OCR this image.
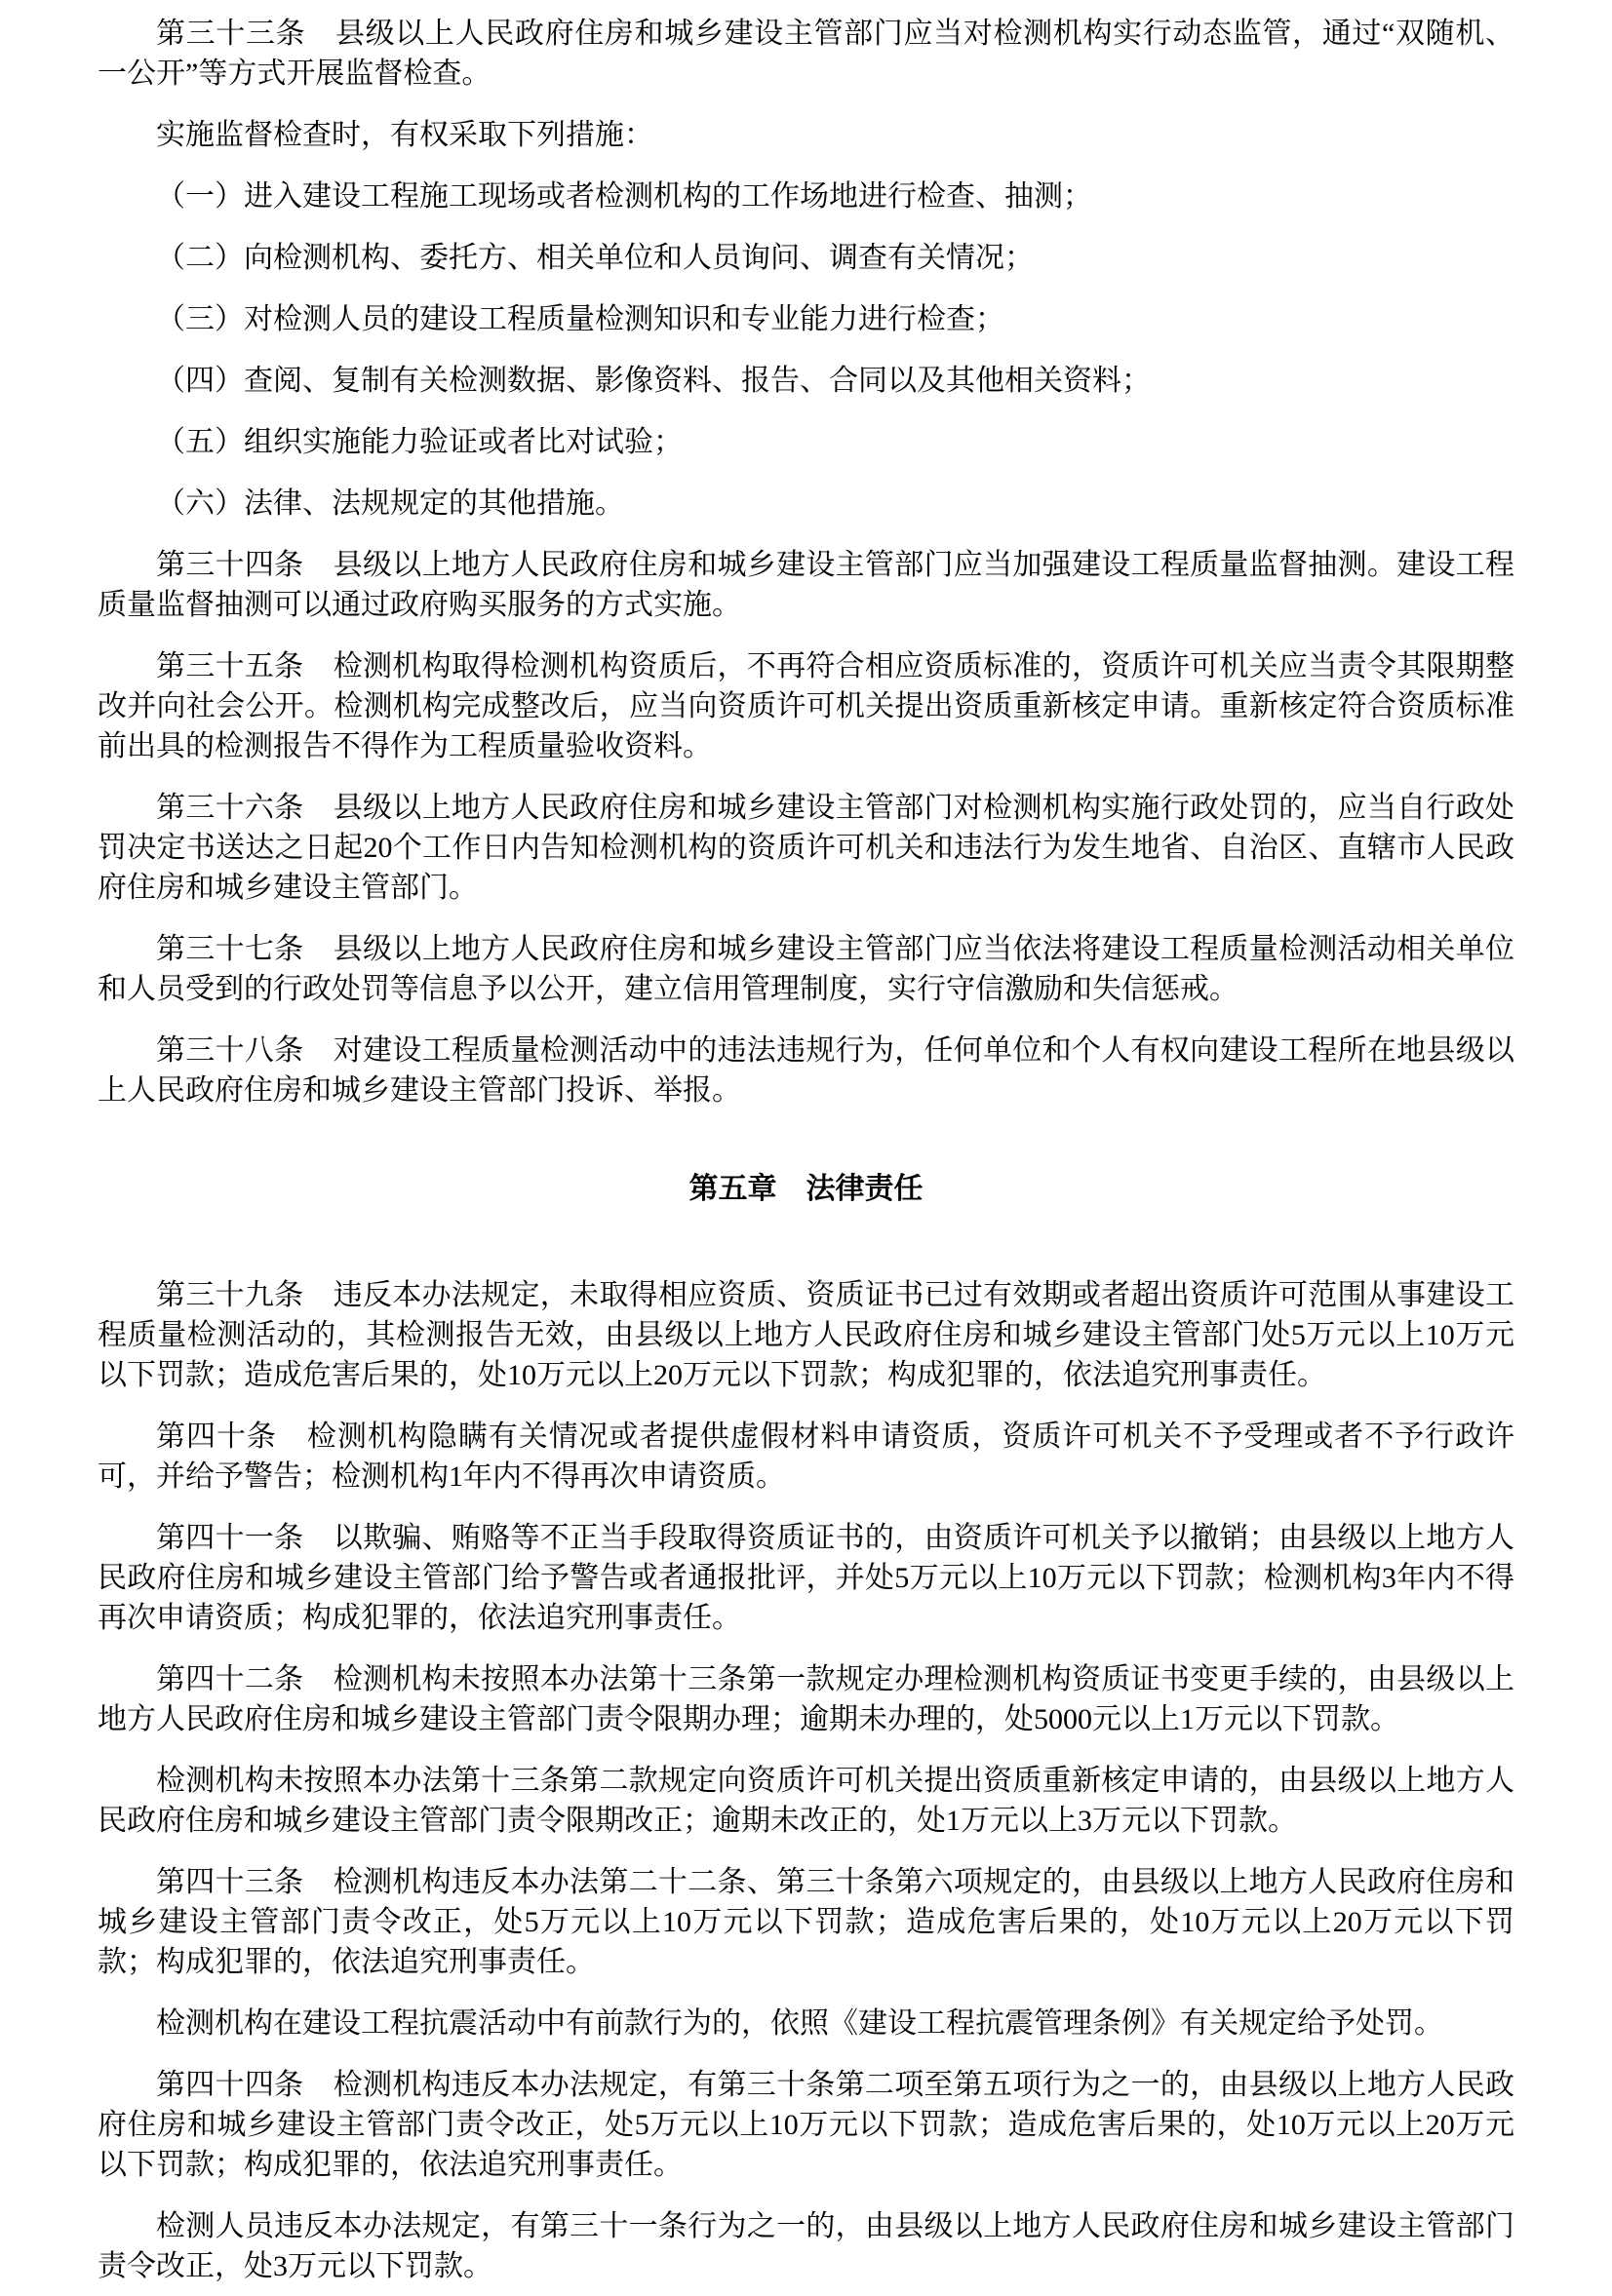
第三十三条　县级以上人民政府住房和城乡建设主管部门应当对检测机构实行动态监管，通过“双随机、一公开”等方式开展监督检查。

实施监督检查时，有权采取下列措施：

（一）进入建设工程施工现场或者检测机构的工作场地进行检查、抽测；

（二）向检测机构、委托方、相关单位和人员询问、调查有关情况；

（三）对检测人员的建设工程质量检测知识和专业能力进行检查；

（四）查阅、复制有关检测数据、影像资料、报告、合同以及其他相关资料；

（五）组织实施能力验证或者比对试验；

（六）法律、法规规定的其他措施。

第三十四条　县级以上地方人民政府住房和城乡建设主管部门应当加强建设工程质量监督抽测。建设工程质量监督抽测可以通过政府购买服务的方式实施。

第三十五条　检测机构取得检测机构资质后，不再符合相应资质标准的，资质许可机关应当责令其限期整改并向社会公开。检测机构完成整改后，应当向资质许可机关提出资质重新核定申请。重新核定符合资质标准前出具的检测报告不得作为工程质量验收资料。

第三十六条　县级以上地方人民政府住房和城乡建设主管部门对检测机构实施行政处罚的，应当自行政处罚决定书送达之日起20个工作日内告知检测机构的资质许可机关和违法行为发生地省、自治区、直辖市人民政府住房和城乡建设主管部门。

第三十七条　县级以上地方人民政府住房和城乡建设主管部门应当依法将建设工程质量检测活动相关单位和人员受到的行政处罚等信息予以公开，建立信用管理制度，实行守信激励和失信惩戒。

第三十八条　对建设工程质量检测活动中的违法违规行为，任何单位和个人有权向建设工程所在地县级以上人民政府住房和城乡建设主管部门投诉、举报。

第五章　法律责任

第三十九条　违反本办法规定，未取得相应资质、资质证书已过有效期或者超出资质许可范围从事建设工程质量检测活动的，其检测报告无效，由县级以上地方人民政府住房和城乡建设主管部门处5万元以上10万元以下罚款；造成危害后果的，处10万元以上20万元以下罚款；构成犯罪的，依法追究刑事责任。

第四十条　检测机构隐瞒有关情况或者提供虚假材料申请资质，资质许可机关不予受理或者不予行政许可，并给予警告；检测机构1年内不得再次申请资质。

第四十一条　以欺骗、贿赂等不正当手段取得资质证书的，由资质许可机关予以撤销；由县级以上地方人民政府住房和城乡建设主管部门给予警告或者通报批评，并处5万元以上10万元以下罚款；检测机构3年内不得再次申请资质；构成犯罪的，依法追究刑事责任。

第四十二条　检测机构未按照本办法第十三条第一款规定办理检测机构资质证书变更手续的，由县级以上地方人民政府住房和城乡建设主管部门责令限期办理；逾期未办理的，处5000元以上1万元以下罚款。

检测机构未按照本办法第十三条第二款规定向资质许可机关提出资质重新核定申请的，由县级以上地方人民政府住房和城乡建设主管部门责令限期改正；逾期未改正的，处1万元以上3万元以下罚款。

第四十三条　检测机构违反本办法第二十二条、第三十条第六项规定的，由县级以上地方人民政府住房和城乡建设主管部门责令改正，处5万元以上10万元以下罚款；造成危害后果的，处10万元以上20万元以下罚款；构成犯罪的，依法追究刑事责任。

检测机构在建设工程抗震活动中有前款行为的，依照《建设工程抗震管理条例》有关规定给予处罚。

第四十四条　检测机构违反本办法规定，有第三十条第二项至第五项行为之一的，由县级以上地方人民政府住房和城乡建设主管部门责令改正，处5万元以上10万元以下罚款；造成危害后果的，处10万元以上20万元以下罚款；构成犯罪的，依法追究刑事责任。

检测人员违反本办法规定，有第三十一条行为之一的，由县级以上地方人民政府住房和城乡建设主管部门责令改正，处3万元以下罚款。
